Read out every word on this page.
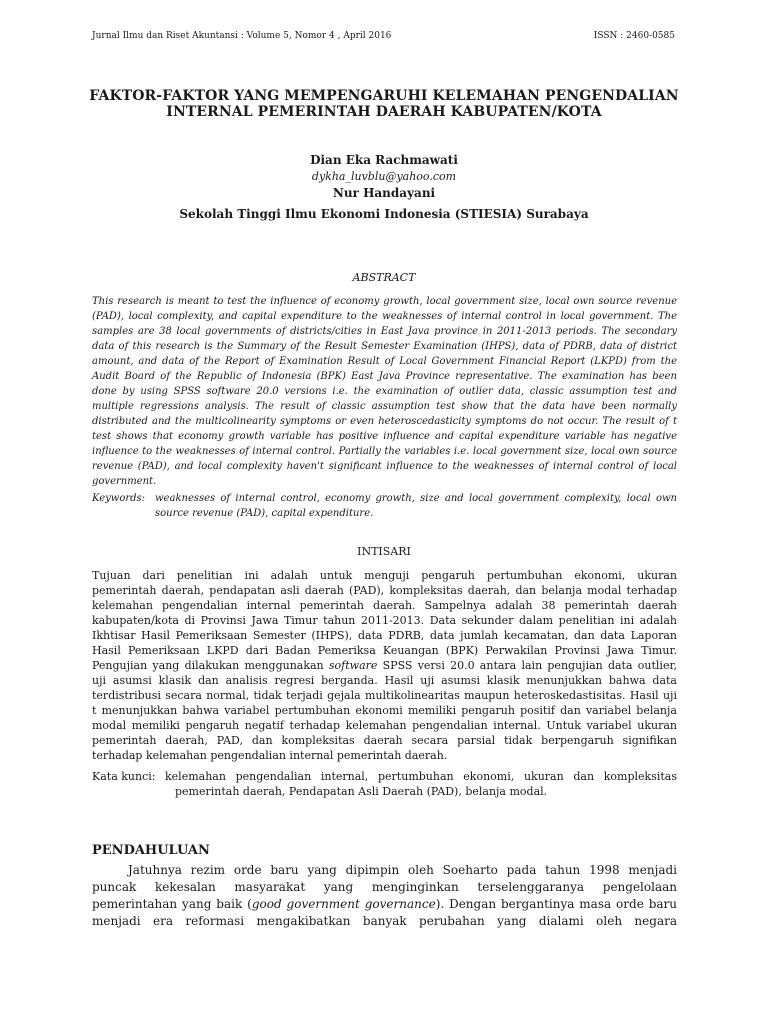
Jurnal Ilmu dan Riset Akuntansi : Volume 5, Nomor 4 , April 2016	ISSN : 2460-0585
FAKTOR-FAKTOR YANG MEMPENGARUHI KELEMAHAN PENGENDALIAN
INTERNAL PEMERINTAH DAERAH KABUPATEN/KOTA
Dian Eka Rachmawati
dykha_luvblu@yahoo.com
Nur Handayani
Sekolah Tinggi Ilmu Ekonomi Indonesia (STIESIA) Surabaya
ABSTRACT
This research is meant to test the influence of economy growth, local government size, local own source revenue
(PAD), local complexity, and capital expenditure to the weaknesses of internal control in local government. The
samples are 38 local governments of districts/cities in East Java province in 2011-2013 periods. The secondary
data of this research is the Summary of the Result Semester Examination (IHPS), data of PDRB, data of district
amount, and data of the Report of Examination Result of Local Government Financial Report (LKPD) from the
Audit Board of the Republic of Indonesia (BPK) East Java Province representative. The examination has been
done by using SPSS software 20.0 versions i.e. the examination of outlier data, classic assumption test and
multiple regressions analysis. The result of classic assumption test show that the data have been normally
distributed and the multicolinearity symptoms or even heteroscedasticity symptoms do not occur. The result of t
test shows that economy growth variable has positive influence and capital expenditure variable has negative
influence to the weaknesses of internal control. Partially the variables i.e. local government size, local own source
revenue (PAD), and local complexity haven't significant influence to the weaknesses of internal control of local
government.
Keywords: weaknesses of internal control, economy growth, size and local government complexity, local own
source revenue (PAD), capital expenditure.
INTISARI
Tujuan dari penelitian ini adalah untuk menguji pengaruh pertumbuhan ekonomi, ukuran
pemerintah daerah, pendapatan asli daerah (PAD), kompleksitas daerah, dan belanja modal terhadap
kelemahan pengendalian internal pemerintah daerah. Sampelnya adalah 38 pemerintah daerah
kabupaten/kota di Provinsi Jawa Timur tahun 2011-2013. Data sekunder dalam penelitian ini adalah
Ikhtisar Hasil Pemeriksaan Semester (IHPS), data PDRB, data jumlah kecamatan, dan data Laporan
Hasil Pemeriksaan LKPD dari Badan Pemeriksa Keuangan (BPK) Perwakilan Provinsi Jawa Timur.
Pengujian yang dilakukan menggunakan software SPSS versi 20.0 antara lain pengujian data outlier,
uji asumsi klasik dan analisis regresi berganda. Hasil uji asumsi klasik menunjukkan bahwa data
terdistribusi secara normal, tidak terjadi gejala multikolinearitas maupun heteroskedastisitas. Hasil uji
t menunjukkan bahwa variabel pertumbuhan ekonomi memiliki pengaruh positif dan variabel belanja
modal memiliki pengaruh negatif terhadap kelemahan pengendalian internal. Untuk variabel ukuran
pemerintah daerah, PAD, dan kompleksitas daerah secara parsial tidak berpengaruh signifikan
terhadap kelemahan pengendalian internal pemerintah daerah.
Kata kunci: kelemahan pengendalian internal, pertumbuhan ekonomi, ukuran dan kompleksitas
pemerintah daerah, Pendapatan Asli Daerah (PAD), belanja modal.
PENDAHULUAN
Jatuhnya rezim orde baru yang dipimpin oleh Soeharto pada tahun 1998 menjadi
puncak kekesalan masyarakat yang menginginkan terselenggaranya pengelolaan
pemerintahan yang baik (good government governance). Dengan bergantinya masa orde baru
menjadi era reformasi mengakibatkan banyak perubahan yang dialami oleh negara
